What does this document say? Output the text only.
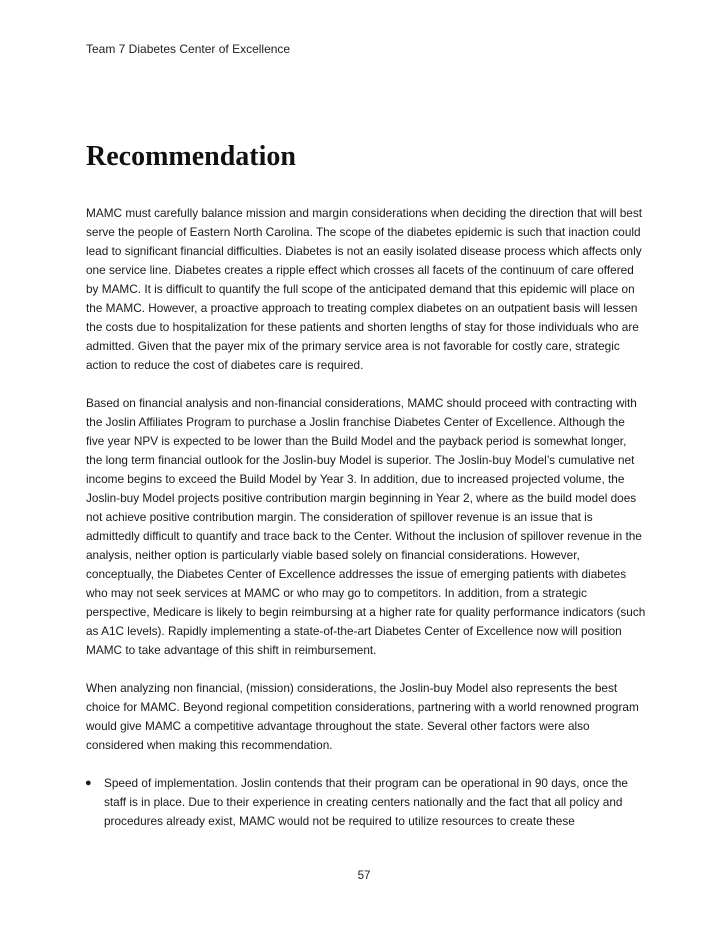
Team 7 Diabetes Center of Excellence
Recommendation

MAMC must carefully balance mission and margin considerations when deciding the direction that will best serve the people of Eastern North Carolina. The scope of the diabetes epidemic is such that inaction could lead to significant financial difficulties. Diabetes is not an easily isolated disease process which affects only one service line. Diabetes creates a ripple effect which crosses all facets of the continuum of care offered by MAMC. It is difficult to quantify the full scope of the anticipated demand that this epidemic will place on the MAMC. However, a proactive approach to treating complex diabetes on an outpatient basis will lessen the costs due to hospitalization for these patients and shorten lengths of stay for those individuals who are admitted. Given that the payer mix of the primary service area is not favorable for costly care, strategic action to reduce the cost of diabetes care is required.

Based on financial analysis and non-financial considerations, MAMC should proceed with contracting with the Joslin Affiliates Program to purchase a Joslin franchise Diabetes Center of Excellence. Although the five year NPV is expected to be lower than the Build Model and the payback period is somewhat longer, the long term financial outlook for the Joslin-buy Model is superior. The Joslin-buy Model’s cumulative net income begins to exceed the Build Model by Year 3. In addition, due to increased projected volume, the Joslin-buy Model projects positive contribution margin beginning in Year 2, where as the build model does not achieve positive contribution margin. The consideration of spillover revenue is an issue that is admittedly difficult to quantify and trace back to the Center. Without the inclusion of spillover revenue in the analysis, neither option is particularly viable based solely on financial considerations. However, conceptually, the Diabetes Center of Excellence addresses the issue of emerging patients with diabetes who may not seek services at MAMC or who may go to competitors. In addition, from a strategic perspective, Medicare is likely to begin reimbursing at a higher rate for quality performance indicators (such as A1C levels). Rapidly implementing a state-of-the-art Diabetes Center of Excellence now will position MAMC to take advantage of this shift in reimbursement.

When analyzing non financial, (mission) considerations, the Joslin-buy Model also represents the best choice for MAMC. Beyond regional competition considerations, partnering with a world renowned program would give MAMC a competitive advantage throughout the state. Several other factors were also considered when making this recommendation.

● Speed of implementation. Joslin contends that their program can be operational in 90 days, once the staff is in place. Due to their experience in creating centers nationally and the fact that all policy and procedures already exist, MAMC would not be required to utilize resources to create these
57
